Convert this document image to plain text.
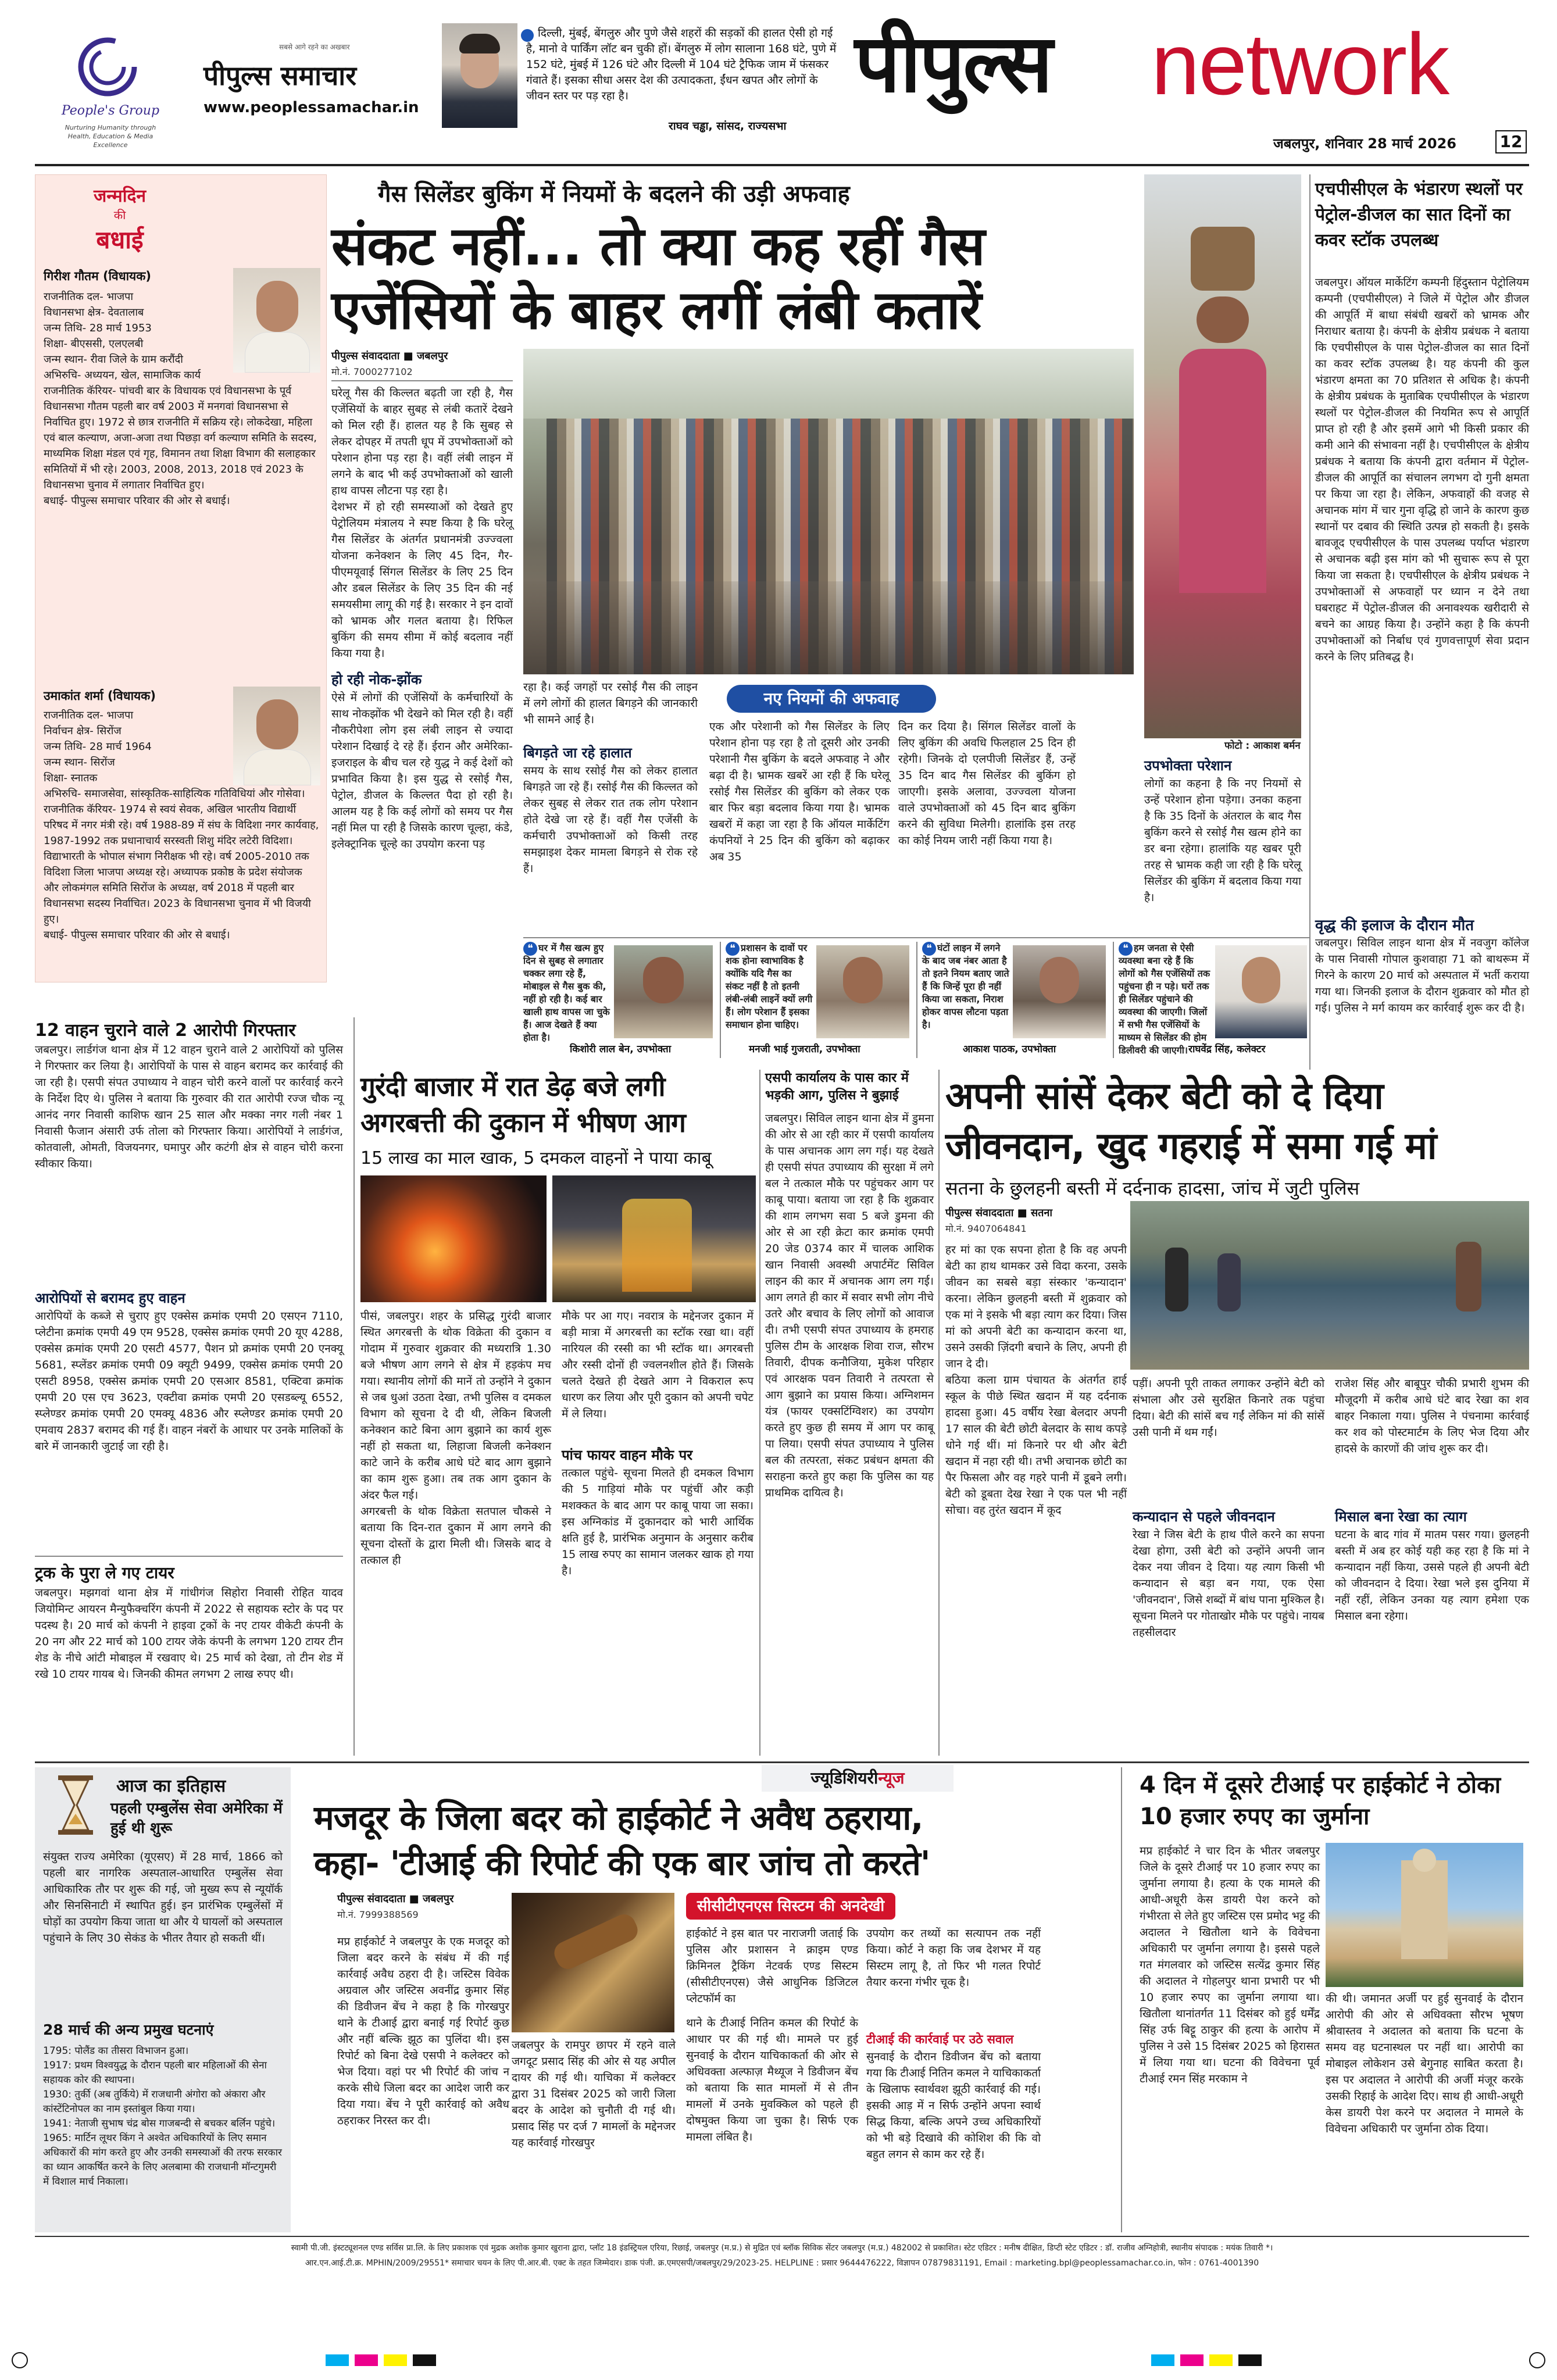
People's Group
Nurturing Humanity through Health, Education & Media Excellence
सबसे आगे रहने का अखबार
पीपुल्स समाचार
www.peoplessamachar.in
दिल्ली, मुंबई, बेंगलुरु और पुणे जैसे शहरों की सड़कों की हालत ऐसी हो गई है, मानो वे पार्किंग लॉट बन चुकी हों। बेंगलुरु में लोग सालाना 168 घंटे, पुणे में 152 घंटे, मुंबई में 126 घंटे और दिल्ली में 104 घंटे ट्रैफिक जाम में फंसकर गंवाते हैं। इसका सीधा असर देश की उत्पादकता, ईंधन खपत और लोगों के जीवन स्तर पर पड़ रहा है।
राघव चड्ढा, सांसद, राज्यसभा
पीपुल्स network
जबलपुर, शनिवार 28 मार्च 2026	12
जन्मदिन
की
बधाई
गिरीश गौतम (विधायक)
राजनीतिक दल- भाजपा
विधानसभा क्षेत्र- देवतालाब
जन्म तिथि- 28 मार्च 1953
शिक्षा- बीएससी, एलएलबी
जन्म स्थान- रीवा जिले के ग्राम करौंदी
अभिरुचि- अध्ययन, खेल, सामाजिक कार्य
राजनीतिक कॅरियर- पांचवी बार के विधायक एवं विधानसभा के पूर्व विधानसभा गौतम पहली बार वर्ष 2003 में मनगवां विधानसभा से निर्वाचित हुए। 1972 से छात्र राजनीति में सक्रिय रहे। लोकदेखा, महिला एवं बाल कल्याण, अजा-अजा तथा पिछड़ा वर्ग कल्याण समिति के सदस्य, माध्यमिक शिक्षा मंडल एवं गृह, विमानन तथा शिक्षा विभाग की सलाहकार समितियों में भी रहे। 2003, 2008, 2013, 2018 एवं 2023 के विधानसभा चुनाव में लगातार निर्वाचित हुए।
बधाई- पीपुल्स समाचार परिवार की ओर से बधाई।
उमाकांत शर्मा (विधायक)
राजनीतिक दल- भाजपा
निर्वाचन क्षेत्र- सिरोंज
जन्म तिथि- 28 मार्च 1964
जन्म स्थान- सिरोंज
शिक्षा- स्नातक
अभिरुचि- समाजसेवा, सांस्कृतिक-साहित्यिक गतिविधियां और गोसेवा।
राजनीतिक कॅरियर- 1974 से स्वयं सेवक, अखिल भारतीय विद्यार्थी परिषद में नगर मंत्री रहे। वर्ष 1988-89 में संघ के विदिशा नगर कार्यवाह, 1987-1992 तक प्रधानाचार्य सरस्वती शिशु मंदिर लटेरी विदिशा। विद्याभारती के भोपाल संभाग निरीक्षक भी रहे। वर्ष 2005-2010 तक विदिशा जिला भाजपा अध्यक्ष रहे। अध्यापक प्रकोष्ठ के प्रदेश संयोजक और लोकमंगल समिति सिरोंज के अध्यक्ष, वर्ष 2018 में पहली बार विधानसभा सदस्य निर्वाचित। 2023 के विधानसभा चुनाव में भी विजयी हुए।
बधाई- पीपुल्स समाचार परिवार की ओर से बधाई।
गैस सिलेंडर बुकिंग में नियमों के बदलने की उड़ी अफवाह
संकट नहीं... तो क्या कह रहीं गैस
एजेंसियों के बाहर लगीं लंबी कतारें
पीपुल्स संवाददाता ■ जबलपुर
मो.नं. 7000277102
घरेलू गैस की किल्लत बढ़ती जा रही है, गैस एजेंसियों के बाहर सुबह से लंबी कतारें देखने को मिल रही हैं। हालत यह है कि सुबह से लेकर दोपहर में तपती धूप में उपभोक्ताओं को परेशान होना पड़ रहा है। वहीं लंबी लाइन में लगने के बाद भी कई उपभोक्ताओं को खाली हाथ वापस लौटना पड़ रहा है।
देशभर में हो रही समस्याओं को देखते हुए पेट्रोलियम मंत्रालय ने स्पष्ट किया है कि घरेलू गैस सिलेंडर के अंतर्गत प्रधानमंत्री उज्ज्वला योजना कनेक्शन के लिए 45 दिन, गैर-पीएमयूवाई सिंगल सिलेंडर के लिए 25 दिन और डबल सिलेंडर के लिए 35 दिन की नई समयसीमा लागू की गई है। सरकार ने इन दावों को भ्रामक और गलत बताया है। रिफिल बुकिंग की समय सीमा में कोई बदलाव नहीं किया गया है।
हो रही नोक-झोंक
ऐसे में लोगों की एजेंसियों के कर्मचारियों के साथ नोकझोंक भी देखने को मिल रही है। वहीं नौकरीपेशा लोग इस लंबी लाइन से ज्यादा परेशान दिखाई दे रहे हैं। ईरान और अमेरिका-इजराइल के बीच चल रहे युद्ध ने कई देशों को प्रभावित किया है। इस युद्ध से रसोई गैस, पेट्रोल, डीजल के किल्लत पैदा हो रही है। आलम यह है कि कई लोगों को समय पर गैस नहीं मिल पा रही है जिसके कारण चूल्हा, कंडे, इलेक्ट्रानिक चूल्हे का उपयोग करना पड़
रहा है। कई जगहों पर रसोई गैस की लाइन में लगे लोगों की हालत बिगड़ने की जानकारी भी सामने आई है।
बिगड़ते जा रहे हालात
समय के साथ रसोई गैस को लेकर हालात बिगड़ते जा रहे हैं। रसोई गैस की किल्लत को लेकर सुबह से लेकर रात तक लोग परेशान होते देखे जा रहे हैं। वहीं गैस एजेंसी के कर्मचारी उपभोक्ताओं को किसी तरह समझाइश देकर मामला बिगड़ने से रोक रहे हैं।
नए नियमों की अफवाह
एक और परेशानी को गैस सिलेंडर के लिए परेशान होना पड़ रहा है तो दूसरी ओर उनकी परेशानी गैस बुकिंग के बदले अफवाह ने और बढ़ा दी है। भ्रामक खबरें आ रही हैं कि घरेलू रसोई गैस सिलेंडर की बुकिंग को लेकर एक बार फिर बड़ा बदलाव किया गया है। भ्रामक खबरों में कहा जा रहा है कि ऑयल मार्केटिंग कंपनियों ने 25 दिन की बुकिंग को बढ़ाकर अब 35
दिन कर दिया है। सिंगल सिलेंडर वालों के लिए बुकिंग की अवधि फिलहाल 25 दिन ही रहेगी। जिनके दो एलपीजी सिलेंडर हैं, उन्हें 35 दिन बाद गैस सिलेंडर की बुकिंग हो जाएगी। इसके अलावा, उज्ज्वला योजना वाले उपभोक्ताओं को 45 दिन बाद बुकिंग करने की सुविधा मिलेगी। हालांकि इस तरह का कोई नियम जारी नहीं किया गया है।
फोटो : आकाश बर्मन
उपभोक्ता परेशान
लोगों का कहना है कि नए नियमों से उन्हें परेशान होना पड़ेगा। उनका कहना है कि 35 दिनों के अंतराल के बाद गैस बुकिंग करने से रसोई गैस खत्म होने का डर बना रहेगा। हालांकि यह खबर पूरी तरह से भ्रामक कही जा रही है कि घरेलू सिलेंडर की बुकिंग में बदलाव किया गया है।
एचपीसीएल के भंडारण स्थलों पर पेट्रोल-डीजल का सात दिनों का कवर स्टॉक उपलब्ध
जबलपुर। ऑयल मार्केटिंग कम्पनी हिंदुस्तान पेट्रोलियम कम्पनी (एचपीसीएल) ने जिले में पेट्रोल और डीजल की आपूर्ति में बाधा संबंधी खबरों को भ्रामक और निराधार बताया है। कंपनी के क्षेत्रीय प्रबंधक ने बताया कि एचपीसीएल के पास पेट्रोल-डीजल का सात दिनों का कवर स्टॉक उपलब्ध है। यह कंपनी की कुल भंडारण क्षमता का 70 प्रतिशत से अधिक है। कंपनी के क्षेत्रीय प्रबंधक के मुताबिक एचपीसीएल के भंडारण स्थलों पर पेट्रोल-डीजल की नियमित रूप से आपूर्ति प्राप्त हो रही है और इसमें आगे भी किसी प्रकार की कमी आने की संभावना नहीं है। एचपीसीएल के क्षेत्रीय प्रबंधक ने बताया कि कंपनी द्वारा वर्तमान में पेट्रोल-डीजल की आपूर्ति का संचालन लगभग दो गुनी क्षमता पर किया जा रहा है। लेकिन, अफवाहों की वजह से अचानक मांग में चार गुना वृद्धि हो जाने के कारण कुछ स्थानों पर दबाव की स्थिति उत्पन्न हो सकती है। इसके बावजूद एचपीसीएल के पास उपलब्ध पर्याप्त भंडारण से अचानक बढ़ी इस मांग को भी सुचारू रूप से पूरा किया जा सकता है। एचपीसीएल के क्षेत्रीय प्रबंधक ने उपभोक्ताओं से अफवाहों पर ध्यान न देने तथा घबराहट में पेट्रोल-डीजल की अनावश्यक खरीदारी से बचने का आग्रह किया है। उन्होंने कहा है कि कंपनी उपभोक्ताओं को निर्बाध एवं गुणवत्तापूर्ण सेवा प्रदान करने के लिए प्रतिबद्ध है।
वृद्ध की इलाज के दौरान मौत
जबलपुर। सिविल लाइन थाना क्षेत्र में नवजुग कॉलेज के पास निवासी गोपाल कुशवाहा 71 को बाथरूम में गिरने के कारण 20 मार्च को अस्पताल में भर्ती कराया गया था। जिनकी इलाज के दौरान शुक्रवार को मौत हो गई। पुलिस ने मर्ग कायम कर कार्रवाई शुरू कर दी है।
❝ घर में गैस खत्म हुए दिन से सुबह से लगातार चक्कर लगा रहे हैं, मोबाइल से गैस बुक की, नहीं हो रही है। कई बार खाली हाथ वापस जा चुके हैं। आज देखते हैं क्या होता है।
किशोरी लाल बेन, उपभोक्ता
❝ प्रशासन के दावों पर शक होना स्वाभाविक है क्योंकि यदि गैस का संकट नहीं है तो इतनी लंबी-लंबी लाइनें क्यों लगी हैं। लोग परेशान हैं इसका समाधान होना चाहिए।
मनजी भाई गुजराती, उपभोक्ता
❝ घंटों लाइन में लगने के बाद जब नंबर आता है तो इतने नियम बताए जाते हैं कि जिन्हें पूरा ही नहीं किया जा सकता, निराश होकर वापस लौटना पड़ता है।
आकाश पाठक, उपभोक्ता
❝ हम जनता से ऐसी व्यवस्था बना रहे हैं कि लोगों को गैस एजेंसियों तक पहुंचना ही न पड़े। घरों तक ही सिलेंडर पहुंचाने की व्यवस्था की जाएगी। जिलों में सभी गैस एजेंसियों के माध्यम से सिलेंडर की होम डिलीवरी की जाएगी। राघवेंद्र सिंह, कलेक्टर
12 वाहन चुराने वाले 2 आरोपी गिरफ्तार
जबलपुर। लार्डगंज थाना क्षेत्र में 12 वाहन चुराने वाले 2 आरोपियों को पुलिस ने गिरफ्तार कर लिया है। आरोपियों के पास से वाहन बरामद कर कार्रवाई की जा रही है। एसपी संपत उपाध्याय ने वाहन चोरी करने वालों पर कार्रवाई करने के निर्देश दिए थे। पुलिस ने बताया कि गुरुवार की रात आरोपी रज्ज चौक न्यू आनंद नगर निवासी काशिफ खान 25 साल और मक्का नगर गली नंबर 1 निवासी फैजान अंसारी उर्फ तोला को गिरफ्तार किया। आरोपियों ने लार्डगंज, कोतवाली, ओमती, विजयनगर, घमापुर और कटंगी क्षेत्र से वाहन चोरी करना स्वीकार किया।
आरोपियों से बरामद हुए वाहन
आरोपियों के कब्जे से चुराए हुए एक्सेस क्रमांक एमपी 20 एसएन 7110, प्लेटीना क्रमांक एमपी 49 एम 9528, एक्सेस क्रमांक एमपी 20 यूए 4288, एक्सेस क्रमांक एमपी 20 एसटी 4577, पैशन प्रो क्रमांक एमपी 20 एनक्यू 5681, स्प्लेंडर क्रमांक एमपी 09 क्यूटी 9499, एक्सेस क्रमांक एमपी 20 एसटी 8958, एक्सेस क्रमांक एमपी 20 एसआर 8581, एक्टिवा क्रमांक एमपी 20 एस एच 3623, एक्टीवा क्रमांक एमपी 20 एसडब्ल्यू 6552, स्प्लेण्डर क्रमांक एमपी 20 एमक्यू 4836 और स्प्लेण्डर क्रमांक एमपी 20 एमवाय 2837 बरामद की गई हैं। वाहन नंबरों के आधार पर उनके मालिकों के बारे में जानकारी जुटाई जा रही है।
ट्रक के पुरा ले गए टायर
जबलपुर। मझगवां थाना क्षेत्र में गांधीगंज सिहोरा निवासी रोहित यादव जियोमिन्ट आयरन मैन्युफैक्चरिंग कंपनी में 2022 से सहायक स्टोर के पद पर पदस्थ है। 20 मार्च को कंपनी ने हाइवा ट्रकों के नए टायर वीकेटी कंपनी के 20 नग और 22 मार्च को 100 टायर जेके कंपनी के लगभग 120 टायर टीन शेड के नीचे आंटी मोबाइल में रखवाए थे। 25 मार्च को देखा, तो टीन शेड में रखे 10 टायर गायब थे। जिनकी कीमत लगभग 2 लाख रुपए थी।
गुरंदी बाजार में रात डेढ़ बजे लगी
अगरबत्ती की दुकान में भीषण आग
15 लाख का माल खाक, 5 दमकल वाहनों ने पाया काबू
पीसं, जबलपुर। शहर के प्रसिद्ध गुरंदी बाजार स्थित अगरबत्ती के थोक विक्रेता की दुकान व गोदाम में गुरुवार शुक्रवार की मध्यरात्रि 1.30 बजे भीषण आग लगने से क्षेत्र में हड़कंप मच गया। स्थानीय लोगों की मानें तो उन्होंने ने दुकान से जब धुआं उठता देखा, तभी पुलिस व दमकल विभाग को सूचना दे दी थी, लेकिन बिजली कनेक्शन काटे बिना आग बुझाने का कार्य शुरू नहीं हो सकता था, लिहाजा बिजली कनेक्शन काटे जाने के करीब आधे घंटे बाद आग बुझाने का काम शुरू हुआ। तब तक आग दुकान के अंदर फैल गई।
अगरबत्ती के थोक विक्रेता सतपाल चौकसे ने बताया कि दिन-रात दुकान में आग लगने की सूचना दोस्तों के द्वारा मिली थी। जिसके बाद वे तत्काल ही
मौके पर आ गए। नवरात्र के मद्देनजर दुकान में बड़ी मात्रा में अगरबत्ती का स्टॉक रखा था। वहीं नारियल की रस्सी का भी स्टॉक था। अगरबत्ती और रस्सी दोनों ही ज्वलनशील होते हैं। जिसके चलते देखते ही देखते आग ने विकराल रूप धारण कर लिया और पूरी दुकान को अपनी चपेट में ले लिया।
पांच फायर वाहन मौके पर
तत्काल पहुंचे- सूचना मिलते ही दमकल विभाग की 5 गाड़ियां मौके पर पहुंचीं और कड़ी मशक्कत के बाद आग पर काबू पाया जा सका। इस अग्निकांड में दुकानदार को भारी आर्थिक क्षति हुई है, प्रारंभिक अनुमान के अनुसार करीब 15 लाख रुपए का सामान जलकर खाक हो गया है।
एसपी कार्यालय के पास कार में भड़की आग, पुलिस ने बुझाई
जबलपुर। सिविल लाइन थाना क्षेत्र में डुमना की ओर से आ रही कार में एसपी कार्यालय के पास अचानक आग लग गई। यह देखते ही एसपी संपत उपाध्याय की सुरक्षा में लगे बल ने तत्काल मौके पर पहुंचकर आग पर काबू पाया। बताया जा रहा है कि शुक्रवार की शाम लगभग सवा 5 बजे डुमना की ओर से आ रही क्रेटा कार क्रमांक एमपी 20 जेड 0374 कार में चालक आशिक खान निवासी अवस्थी अपार्टमेंट सिविल लाइन की कार में अचानक आग लग गई। आग लगते ही कार में सवार सभी लोग नीचे उतरे और बचाव के लिए लोगों को आवाज दी। तभी एसपी संपत उपाध्याय के हमराह पुलिस टीम के आरक्षक शिवा राज, सौरभ तिवारी, दीपक कनौजिया, मुकेश परिहार एवं आरक्षक पवन तिवारी ने तत्परता से आग बुझाने का प्रयास किया। अग्निशमन यंत्र (फायर एक्सटिंग्विशर) का उपयोग करते हुए कुछ ही समय में आग पर काबू पा लिया। एसपी संपत उपाध्याय ने पुलिस बल की तत्परता, संकट प्रबंधन क्षमता की सराहना करते हुए कहा कि पुलिस का यह प्राथमिक दायित्व है।
अपनी सांसें देकर बेटी को दे दिया
जीवनदान, खुद गहराई में समा गई मां
सतना के छुलहनी बस्ती में दर्दनाक हादसा, जांच में जुटी पुलिस
पीपुल्स संवाददाता ■ सतना
मो.नं. 9407064841
हर मां का एक सपना होता है कि वह अपनी बेटी का हाथ थामकर उसे विदा करना, उसके जीवन का सबसे बड़ा संस्कार 'कन्यादान' करना। लेकिन छुलहनी बस्ती में शुक्रवार को एक मां ने इसके भी बड़ा त्याग कर दिया। जिस मां को अपनी बेटी का कन्यादान करना था, उसने उसकी ज़िंदगी बचाने के लिए, अपनी ही जान दे दी।
बठिया कला ग्राम पंचायत के अंतर्गत हाई स्कूल के पीछे स्थित खदान में यह दर्दनाक हादसा हुआ। 45 वर्षीय रेखा बेलदार अपनी 17 साल की बेटी छोटी बेलदार के साथ कपड़े धोने गई थीं। मां किनारे पर थी और बेटी खदान में नहा रही थी। तभी अचानक छोटी का पैर फिसला और वह गहरे पानी में डूबने लगी। बेटी को डूबता देख रेखा ने एक पल भी नहीं सोचा। वह तुरंत खदान में कूद
पड़ीं। अपनी पूरी ताकत लगाकर उन्होंने बेटी को संभाला और उसे सुरक्षित किनारे तक पहुंचा दिया। बेटी की सांसें बच गईं लेकिन मां की सांसें उसी पानी में थम गईं।
कन्यादान से पहले जीवनदान
रेखा ने जिस बेटी के हाथ पीले करने का सपना देखा होगा, उसी बेटी को उन्होंने अपनी जान देकर नया जीवन दे दिया। यह त्याग किसी भी कन्यादान से बड़ा बन गया, एक ऐसा 'जीवनदान', जिसे शब्दों में बांध पाना मुश्किल है। सूचना मिलने पर गोताखोर मौके पर पहुंचे। नायब तहसीलदार
राजेश सिंह और बाबूपुर चौकी प्रभारी शुभम की मौजूदगी में करीब आधे घंटे बाद रेखा का शव बाहर निकाला गया। पुलिस ने पंचनामा कार्रवाई कर शव को पोस्टमार्टम के लिए भेज दिया और हादसे के कारणों की जांच शुरू कर दी।
मिसाल बना रेखा का त्याग
घटना के बाद गांव में मातम पसर गया। छुलहनी बस्ती में अब हर कोई यही कह रहा है कि मां ने कन्यादान नहीं किया, उससे पहले ही अपनी बेटी को जीवनदान दे दिया। रेखा भले इस दुनिया में नहीं रहीं, लेकिन उनका यह त्याग हमेशा एक मिसाल बना रहेगा।
आज का इतिहास
पहली एम्बुलेंस सेवा अमेरिका में हुई थी शुरू
संयुक्त राज्य अमेरिका (यूएसए) में 28 मार्च, 1866 को पहली बार नागरिक अस्पताल-आधारित एम्बुलेंस सेवा आधिकारिक तौर पर शुरू की गई, जो मुख्य रूप से न्यूयॉर्क और सिनसिनाटी में स्थापित हुई। इन प्रारंभिक एम्बुलेंसों में घोड़ों का उपयोग किया जाता था और ये घायलों को अस्पताल पहुंचाने के लिए 30 सेकंड के भीतर तैयार हो सकती थीं।
28 मार्च की अन्य प्रमुख घटनाएं
1795: पोलैंड का तीसरा विभाजन हुआ।
1917: प्रथम विश्वयुद्ध के दौरान पहली बार महिलाओं की सेना सहायक कोर की स्थापना।
1930: तुर्की (अब तुर्किये) में राजधानी अंगोरा को अंकारा और कांस्टेंटिनोपल का नाम इस्तांबुल किया गया।
1941: नेताजी सुभाष चंद्र बोस गाजबन्दी से बचकर बर्लिन पहुंचे।
1965: मार्टिन लूथर किंग ने अश्वेत अधिकारियों के लिए समान अधिकारों की मांग करते हुए और उनकी समस्याओं की तरफ सरकार का ध्यान आकर्षित करने के लिए अलबामा की राजधानी मॉन्टगुमरी में विशाल मार्च निकाला।
ज्यूडिशियरीन्यूज
मजदूर के जिला बदर को हाईकोर्ट ने अवैध ठहराया,
कहा- 'टीआई की रिपोर्ट की एक बार जांच तो करते'
पीपुल्स संवाददाता ■ जबलपुर
मो.नं. 7999388569
मप्र हाईकोर्ट ने जबलपुर के एक मजदूर को जिला बदर करने के संबंध में की गई कार्रवाई अवैध ठहरा दी है। जस्टिस विवेक अग्रवाल और जस्टिस अवनींद्र कुमार सिंह की डिवीजन बेंच ने कहा है कि गोरखपुर थाने के टीआई द्वारा बनाई गई रिपोर्ट कुछ और नहीं बल्कि झूठ का पुलिंदा थी। इस रिपोर्ट को बिना देखे एसपी ने कलेक्टर को भेज दिया। वहां पर भी रिपोर्ट की जांच न करके सीधे जिला बदर का आदेश जारी कर दिया गया। बेंच ने पूरी कार्रवाई को अवैध ठहराकर निरस्त कर दी।
जबलपुर के रामपुर छापर में रहने वाले जगदूट प्रसाद सिंह की ओर से यह अपील दायर की गई थी। याचिका में कलेक्टर द्वारा 31 दिसंबर 2025 को जारी जिला बदर के आदेश को चुनौती दी गई थी। प्रसाद सिंह पर दर्ज 7 मामलों के मद्देनजर यह कार्रवाई गोरखपुर
सीसीटीएनएस सिस्टम की अनदेखी
हाईकोर्ट ने इस बात पर नाराजगी जताई कि पुलिस और प्रशासन ने क्राइम एण्ड क्रिमिनल ट्रैकिंग नेटवर्क एण्ड सिस्टम (सीसीटीएनएस) जैसे आधुनिक डिजिटल प्लेटफॉर्म का
थाने के टीआई नितिन कमल की रिपोर्ट के आधार पर की गई थी। मामले पर हुई सुनवाई के दौरान याचिकाकर्ता की ओर से अधिवक्ता अल्फाज़ मैथ्यूज ने डिवीजन बेंच को बताया कि सात मामलों में से तीन मामलों में उनके मुवक्किल को पहले ही दोषमुक्त किया जा चुका है। सिर्फ एक मामला लंबित है।
उपयोग कर तथ्यों का सत्यापन तक नहीं किया। कोर्ट ने कहा कि जब देशभर में यह सिस्टम लागू है, तो फिर भी गलत रिपोर्ट तैयार करना गंभीर चूक है।
टीआई की कार्रवाई पर उठे सवाल
सुनवाई के दौरान डिवीजन बेंच को बताया गया कि टीआई नितिन कमल ने याचिकाकर्ता के खिलाफ स्वार्थवश झूठी कार्रवाई की गई। इसकी आड़ में न सिर्फ उन्होंने अपना स्वार्थ सिद्ध किया, बल्कि अपने उच्च अधिकारियों को भी बड़े दिखावे की कोशिश की कि वो बहुत लगन से काम कर रहे हैं।
4 दिन में दूसरे टीआई पर हाईकोर्ट ने ठोका 10 हजार रुपए का जुर्माना
मप्र हाईकोर्ट ने चार दिन के भीतर जबलपुर जिले के दूसरे टीआई पर 10 हजार रुपए का जुर्माना लगाया है। हत्या के एक मामले की आधी-अधूरी केस डायरी पेश करने को गंभीरता से लेते हुए जस्टिस एस प्रमोद भट्ट की अदालत ने खितौला थाने के विवेचना अधिकारी पर जुर्माना लगाया है। इससे पहले गत मंगलवार को जस्टिस सत्येंद्र कुमार सिंह की अदालत ने गोहलपुर थाना प्रभारी पर भी 10 हजार रुपए का जुर्माना लगाया था। खितौला थानांतर्गत 11 दिसंबर को हुई धर्मेंद्र सिंह उर्फ बिट्टू ठाकुर की हत्या के आरोप में पुलिस ने उसे 15 दिसंबर 2025 को हिरासत में लिया गया था। घटना की विवेचना पूर्व टीआई रमन सिंह मरकाम ने
की थी। जमानत अर्जी पर हुई सुनवाई के दौरान आरोपी की ओर से अधिवक्ता सौरभ भूषण श्रीवास्तव ने अदालत को बताया कि घटना के समय वह घटनास्थल पर नहीं था। आरोपी का मोबाइल लोकेशन उसे बेगुनाह साबित करता है। इस पर अदालत ने आरोपी की अर्जी मंजूर करके उसकी रिहाई के आदेश दिए। साथ ही आधी-अधूरी केस डायरी पेश करने पर अदालत ने मामले के विवेचना अधिकारी पर जुर्माना ठोक दिया।
स्वामी पी.जी. इंस्टट्यूशनल एण्ड सर्विस प्रा.लि. के लिए प्रकाशक एवं मुद्रक अशोक कुमार खुराना द्वारा, प्लॉट 18 इंडस्ट्रियल एरिया, रिछाई, जबलपुर (म.प्र.) से मुद्रित एवं ब्लॉक सिविक सेंटर जबलपुर (म.प्र.) 482002 से प्रकाशित। स्टेट एडिटर : मनीष दीक्षित, डिप्टी स्टेट एडिटर : डॉ. राजीव अग्निहोत्री, स्थानीय संपादक : मयंक तिवारी *।
आर.एन.आई.टी.क्र. MPHIN/2009/29551* समाचार चयन के लिए पी.आर.बी. एक्ट के तहत जिम्मेदार। डाक पंजी. क्र.एमएसपी/जबलपुर/29/2023-25. HELPLINE : प्रसार 9644476222, विज्ञापन 07879831191, Email : marketing.bpl@peoplessamachar.co.in, फोन : 0761-4001390
